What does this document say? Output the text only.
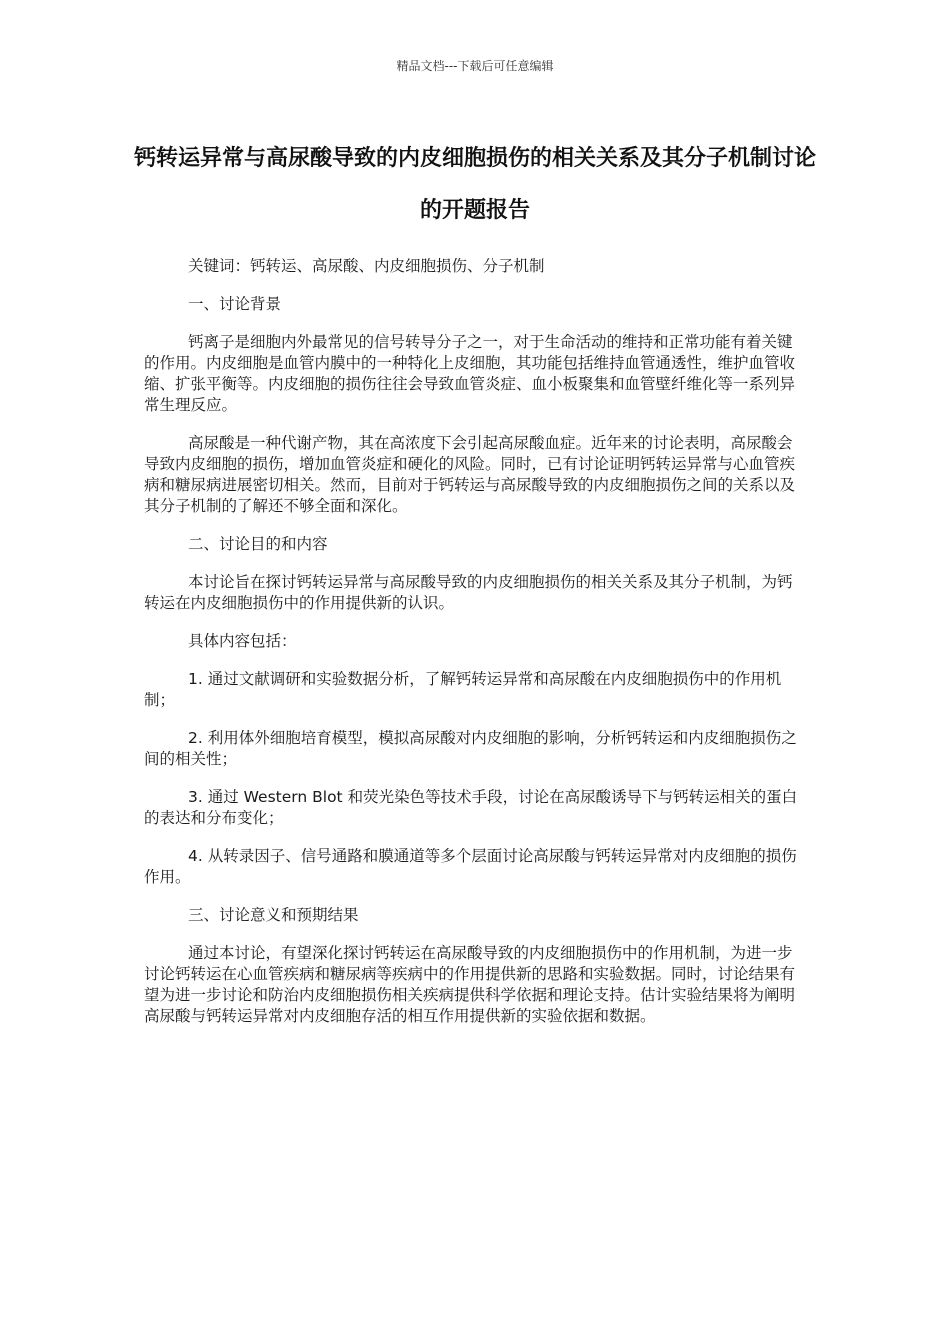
精品文档---下载后可任意编辑
钙转运异常与高尿酸导致的内皮细胞损伤的相关关系及其分子机制讨论的开题报告

关键词：钙转运、高尿酸、内皮细胞损伤、分子机制

一、讨论背景

钙离子是细胞内外最常见的信号转导分子之一，对于生命活动的维持和正常功能有着关键的作用。内皮细胞是血管内膜中的一种特化上皮细胞，其功能包括维持血管通透性，维护血管收缩、扩张平衡等。内皮细胞的损伤往往会导致血管炎症、血小板聚集和血管壁纤维化等一系列异常生理反应。

高尿酸是一种代谢产物，其在高浓度下会引起高尿酸血症。近年来的讨论表明，高尿酸会导致内皮细胞的损伤，增加血管炎症和硬化的风险。同时，已有讨论证明钙转运异常与心血管疾病和糖尿病进展密切相关。然而，目前对于钙转运与高尿酸导致的内皮细胞损伤之间的关系以及其分子机制的了解还不够全面和深化。

二、讨论目的和内容

本讨论旨在探讨钙转运异常与高尿酸导致的内皮细胞损伤的相关关系及其分子机制，为钙转运在内皮细胞损伤中的作用提供新的认识。

具体内容包括：

1. 通过文献调研和实验数据分析，了解钙转运异常和高尿酸在内皮细胞损伤中的作用机制；

2. 利用体外细胞培育模型，模拟高尿酸对内皮细胞的影响，分析钙转运和内皮细胞损伤之间的相关性；

3. 通过 Western Blot 和荧光染色等技术手段，讨论在高尿酸诱导下与钙转运相关的蛋白的表达和分布变化；

4. 从转录因子、信号通路和膜通道等多个层面讨论高尿酸与钙转运异常对内皮细胞的损伤作用。

三、讨论意义和预期结果

通过本讨论，有望深化探讨钙转运在高尿酸导致的内皮细胞损伤中的作用机制，为进一步讨论钙转运在心血管疾病和糖尿病等疾病中的作用提供新的思路和实验数据。同时，讨论结果有望为进一步讨论和防治内皮细胞损伤相关疾病提供科学依据和理论支持。估计实验结果将为阐明高尿酸与钙转运异常对内皮细胞存活的相互作用提供新的实验依据和数据。
